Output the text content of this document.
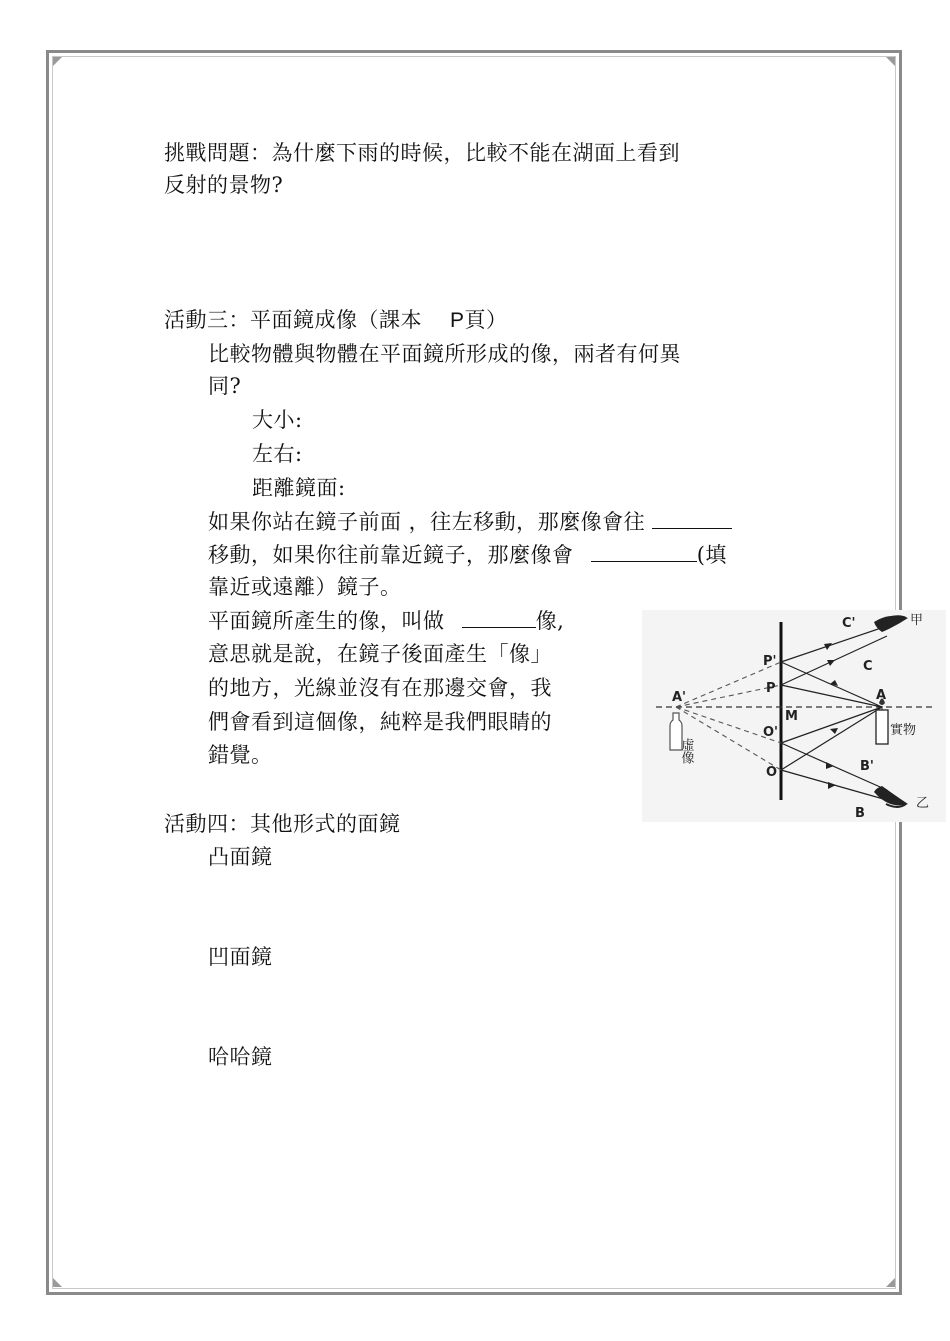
挑戰問題：為什麼下雨的時候，比較不能在湖面上看到
反射的景物?
活動三：平面鏡成像（課本 P頁）
比較物體與物體在平面鏡所形成的像，兩者有何異
同?
大小:
左右:
距離鏡面:
如果你站在鏡子前面 ，往左移動，那麼像會往
移動，如果你往前靠近鏡子，那麼像會	(填
靠近或遠離）鏡子。
平面鏡所產生的像，叫做	像,
意思就是說，在鏡子後面產生「像」
的地方，光線並沒有在那邊交會，我
們會看到這個像，純粹是我們眼睛的
錯覺。
C'	甲
C
P'
P
A'	A
M
O'
O	B'
B
乙
虛像
實物
活動四：其他形式的面鏡
凸面鏡
凹面鏡
哈哈鏡
